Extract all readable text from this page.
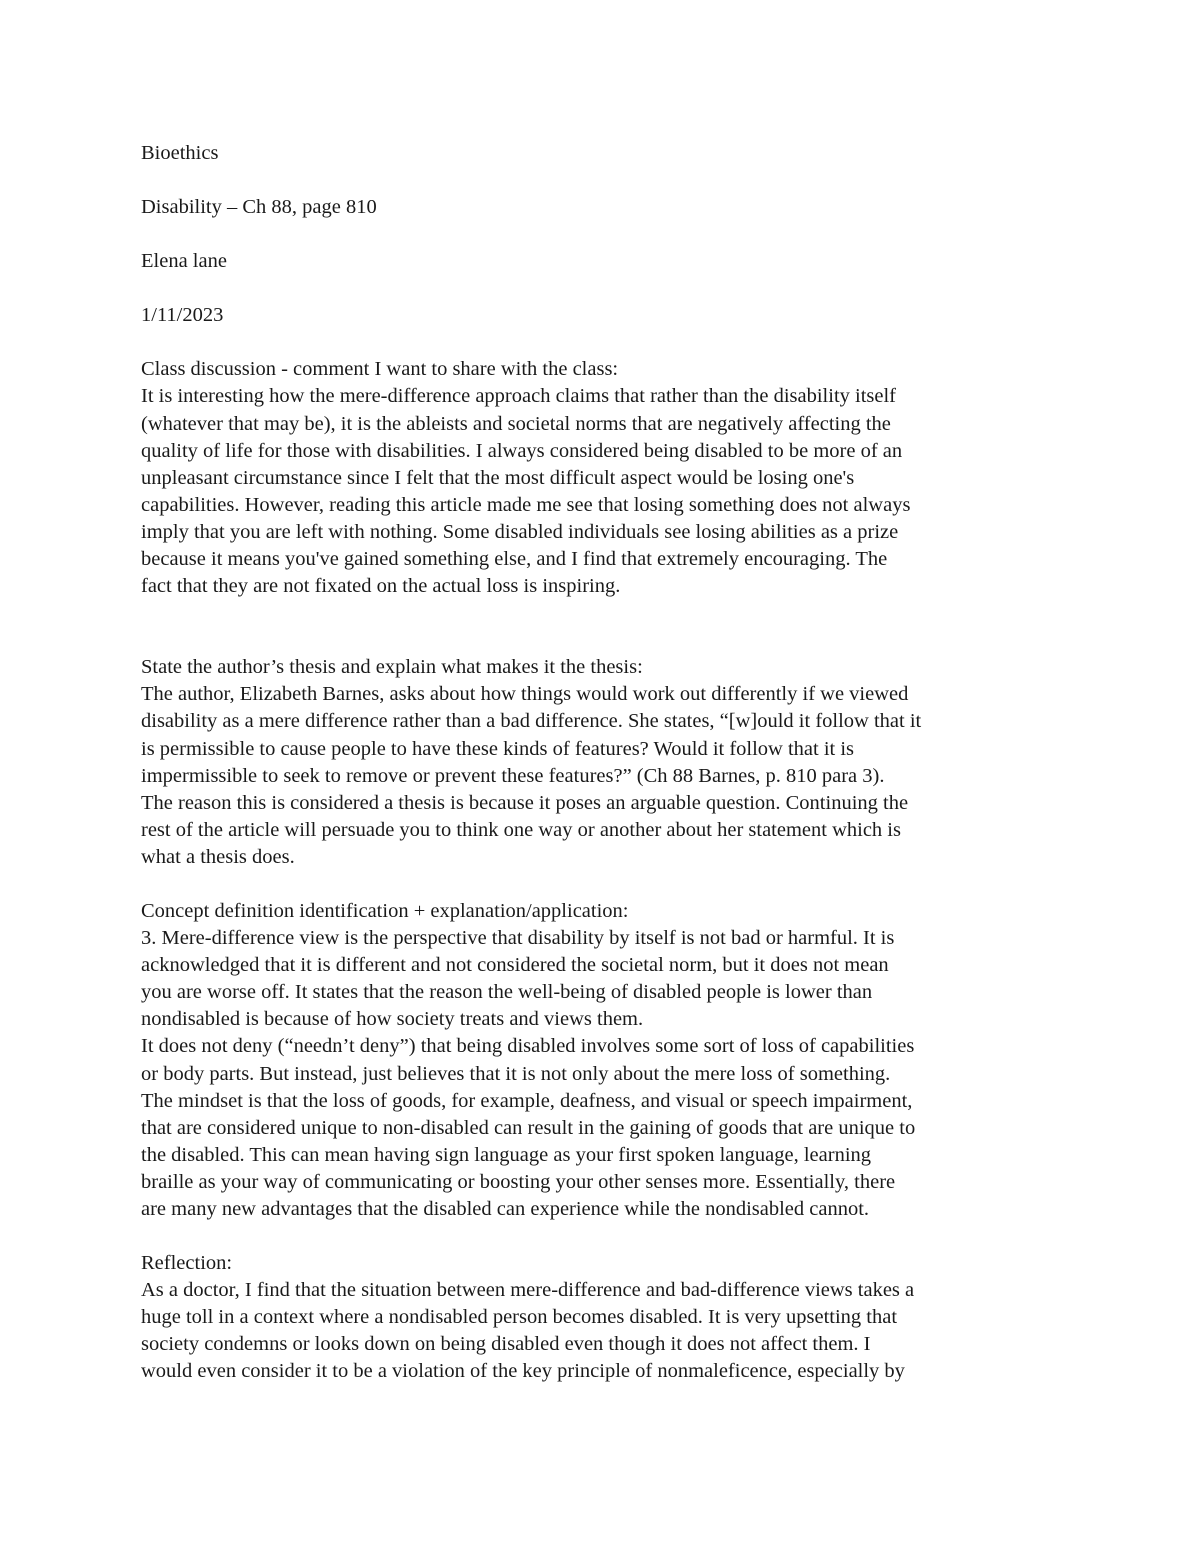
Bioethics
Disability – Ch 88, page 810
Elena lane
1/11/2023
Class discussion - comment I want to share with the class:
It is interesting how the mere-difference approach claims that rather than the disability itself
(whatever that may be), it is the ableists and societal norms that are negatively affecting the
quality of life for those with disabilities. I always considered being disabled to be more of an
unpleasant circumstance since I felt that the most difficult aspect would be losing one's
capabilities. However, reading this article made me see that losing something does not always
imply that you are left with nothing. Some disabled individuals see losing abilities as a prize
because it means you've gained something else, and I find that extremely encouraging. The
fact that they are not fixated on the actual loss is inspiring.
State the author’s thesis and explain what makes it the thesis:
The author, Elizabeth Barnes, asks about how things would work out differently if we viewed
disability as a mere difference rather than a bad difference. She states, “[w]ould it follow that it
is permissible to cause people to have these kinds of features? Would it follow that it is
impermissible to seek to remove or prevent these features?” (Ch 88 Barnes, p. 810 para 3).
The reason this is considered a thesis is because it poses an arguable question. Continuing the
rest of the article will persuade you to think one way or another about her statement which is
what a thesis does.
Concept definition identification + explanation/application:
3. Mere-difference view is the perspective that disability by itself is not bad or harmful. It is
acknowledged that it is different and not considered the societal norm, but it does not mean
you are worse off. It states that the reason the well-being of disabled people is lower than
nondisabled is because of how society treats and views them.
It does not deny (“needn’t deny”) that being disabled involves some sort of loss of capabilities
or body parts. But instead, just believes that it is not only about the mere loss of something.
The mindset is that the loss of goods, for example, deafness, and visual or speech impairment,
that are considered unique to non-disabled can result in the gaining of goods that are unique to
the disabled. This can mean having sign language as your first spoken language, learning
braille as your way of communicating or boosting your other senses more. Essentially, there
are many new advantages that the disabled can experience while the nondisabled cannot.
Reflection:
As a doctor, I find that the situation between mere-difference and bad-difference views takes a
huge toll in a context where a nondisabled person becomes disabled. It is very upsetting that
society condemns or looks down on being disabled even though it does not affect them. I
would even consider it to be a violation of the key principle of nonmaleficence, especially by
